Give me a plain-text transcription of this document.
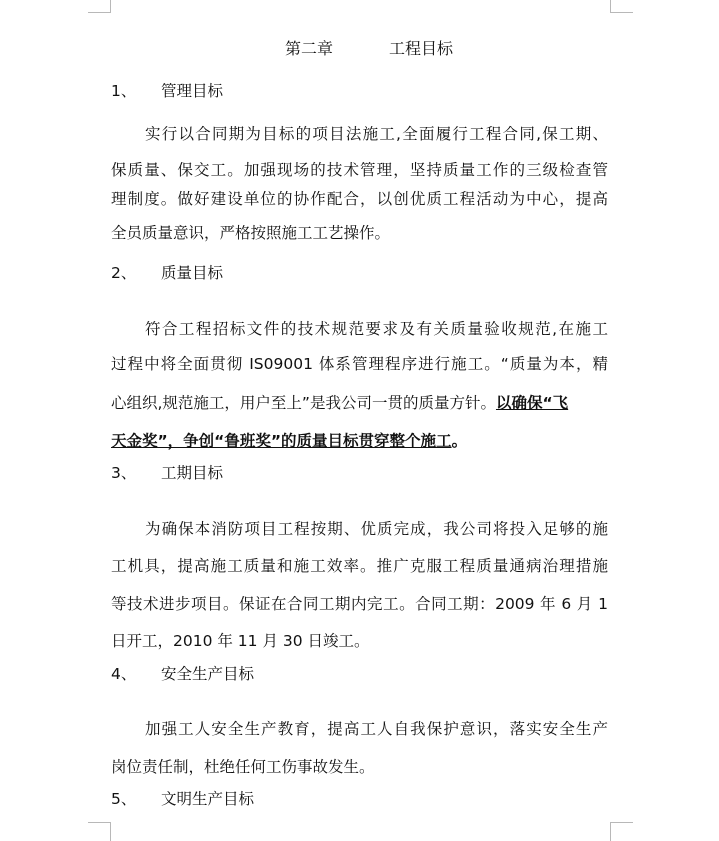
第二章	工程目标
1、 管理目标
实行以合同期为目标的项目法施工,全面履行工程合同,保工期、
保质量、保交工。加强现场的技术管理，坚持质量工作的三级检查管
理制度。做好建设单位的协作配合，以创优质工程活动为中心，提高
全员质量意识，严格按照施工工艺操作。
2、 质量目标
符合工程招标文件的技术规范要求及有关质量验收规范,在施工
过程中将全面贯彻 IS09001 体系管理程序进行施工。“质量为本，精
心组织,规范施工，用户至上”是我公司一贯的质量方针。以确保“飞
天金奖”，争创“鲁班奖”的质量目标贯穿整个施工。
3、 工期目标
为确保本消防项目工程按期、优质完成，我公司将投入足够的施
工机具，提高施工质量和施工效率。推广克服工程质量通病治理措施
等技术进步项目。保证在合同工期内完工。合同工期：2009 年 6 月 1
日开工，2010 年 11 月 30 日竣工。
4、 安全生产目标
加强工人安全生产教育，提高工人自我保护意识，落实安全生产
岗位责任制，杜绝任何工伤事故发生。
5、 文明生产目标
